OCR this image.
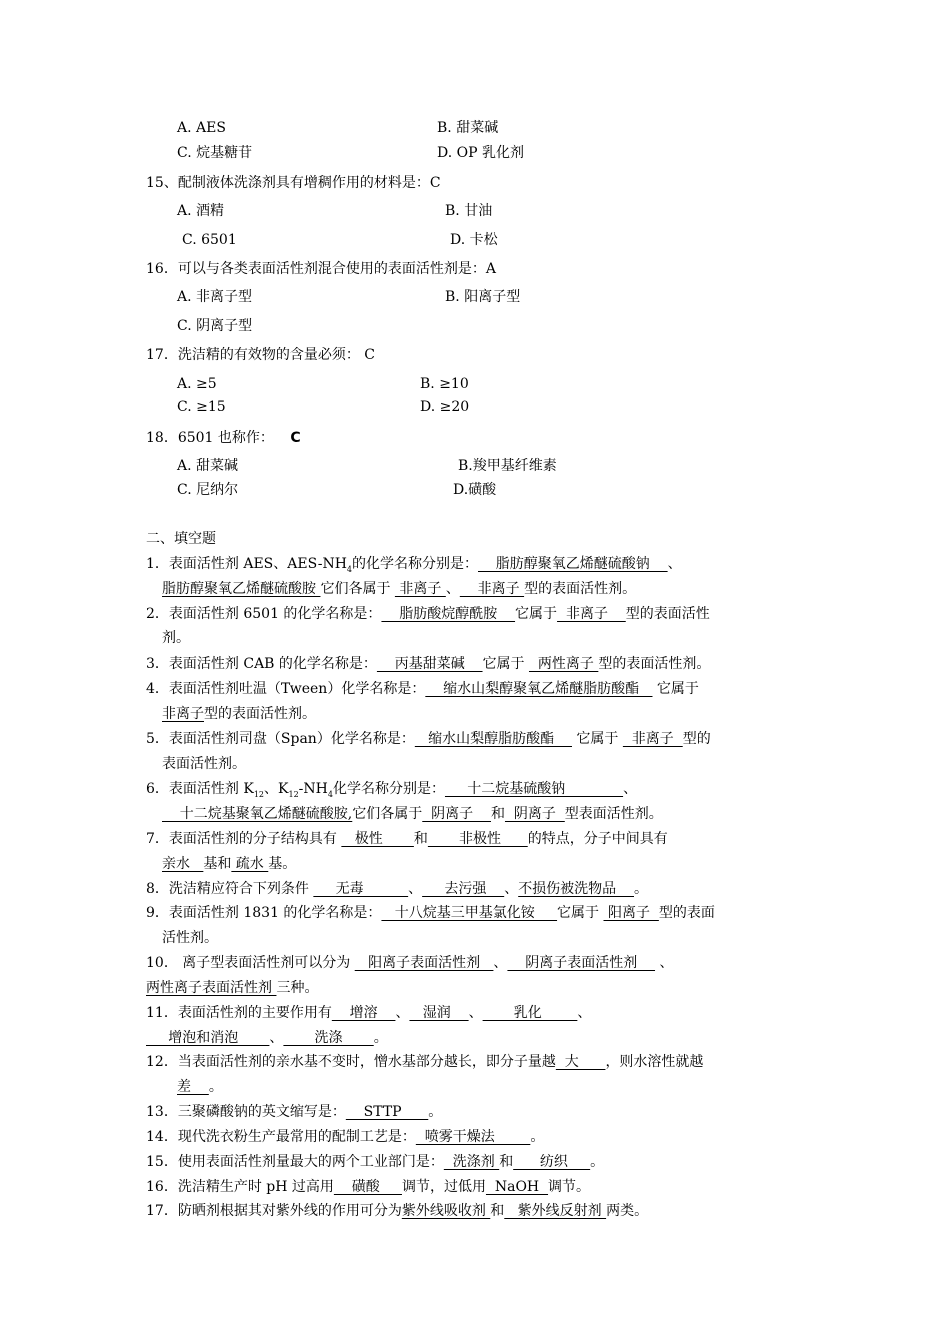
A. AES	B. 甜菜碱
C. 烷基糖苷	D. OP 乳化剂
15、配制液体洗涤剂具有增稠作用的材料是：C
A. 酒精	B. 甘油
C. 6501	D. 卡松
16．可以与各类表面活性剂混合使用的表面活性剂是：A
A. 非离子型	B. 阳离子型
C. 阴离子型
17．洗洁精的有效物的含量必须： C
A. ≥5	B. ≥10
C. ≥15	D. ≥20
18．6501 也称作： C
A. 甜菜碱	B.羧甲基纤维素
C. 尼纳尔	D.磺酸
二、填空题
1．表面活性剂 AES、AES-$NH_4$的化学名称分别是：    脂肪醇聚氧乙烯醚硫酸钠    、
脂肪醇聚氧乙烯醚硫酸胺 它们各属于  非离子 、    非离子 型的表面活性剂。
2．表面活性剂 6501 的化学名称是：    脂肪酸烷醇酰胺    它属于  非离子    型的表面活性
剂。
3．表面活性剂 CAB 的化学名称是：    丙基甜菜碱    它属于   两性离子 型的表面活性剂。
4．表面活性剂吐温（Tween）化学名称是：    缩水山梨醇聚氧乙烯醚脂肪酸酯    它属于
非离子型的表面活性剂。
5．表面活性剂司盘（Span）化学名称是：   缩水山梨醇脂肪酸酯     它属于   非离子  型的
表面活性剂。
6．表面活性剂 $K_{12}$、$K_{12}-NH_4$化学名称分别是：     十二烷基硫酸钠             、
十二烷基聚氧乙烯醚硫酸胺,它们各属于  阴离子    和  阴离子  型表面活性剂。
7．表面活性剂的分子结构具有    极性       和       非极性      的特点，分子中间具有
亲水   基和 疏水 基。
8．洗洁精应符合下列条件      无毒          、     去污强    、不损伤被洗物品    。
9．表面活性剂 1831 的化学名称是：   十八烷基三甲基氯化铵     它属于  阳离子  型的表面
活性剂。
10． 离子型表面活性剂可以分为    阳离子表面活性剂   、    阴离子表面活性剂     、
两性离子表面活性剂 三种。
11．表面活性剂的主要作用有    增溶    、   湿润    、       乳化        、
增泡和消泡       、       洗涤       。
12．当表面活性剂的亲水基不变时，憎水基部分越长，即分子量越  大      ，则水溶性就越
差    。
13．三聚磷酸钠的英文缩写是：    STTP      。
14．现代洗衣粉生产最常用的配制工艺是：  喷雾干燥法        。
15．使用表面活性剂量最大的两个工业部门是：  洗涤剂 和      纺织     。
16．洗洁精生产时 pH 过高用    磺酸     调节，过低用  NaOH  调节。
17．防晒剂根据其对紫外线的作用可分为紫外线吸收剂 和   紫外线反射剂 两类。
